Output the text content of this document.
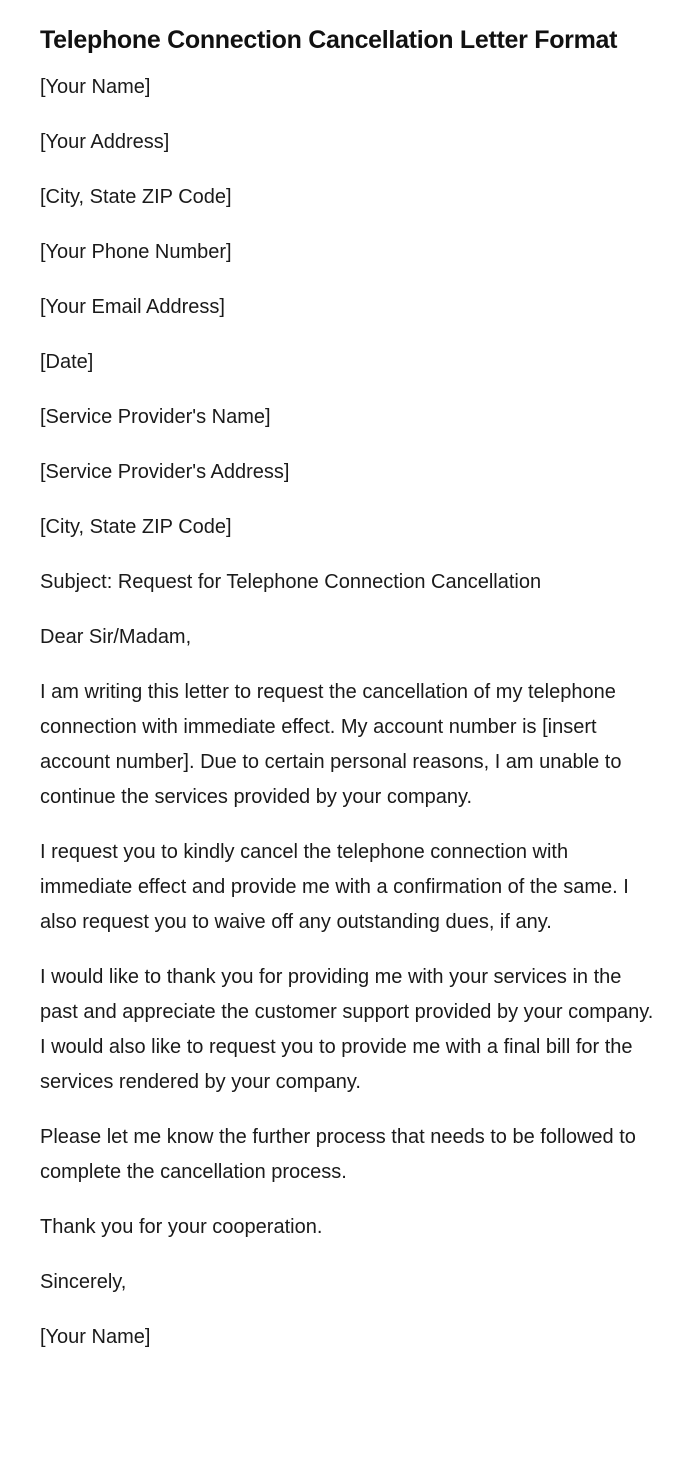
Telephone Connection Cancellation Letter Format

[Your Name]

[Your Address]

[City, State ZIP Code]

[Your Phone Number]

[Your Email Address]

[Date]

[Service Provider's Name]

[Service Provider's Address]

[City, State ZIP Code]

Subject: Request for Telephone Connection Cancellation

Dear Sir/Madam,

I am writing this letter to request the cancellation of my telephone connection with immediate effect. My account number is [insert account number]. Due to certain personal reasons, I am unable to continue the services provided by your company.

I request you to kindly cancel the telephone connection with immediate effect and provide me with a confirmation of the same. I also request you to waive off any outstanding dues, if any.

I would like to thank you for providing me with your services in the past and appreciate the customer support provided by your company. I would also like to request you to provide me with a final bill for the services rendered by your company.

Please let me know the further process that needs to be followed to complete the cancellation process.

Thank you for your cooperation.

Sincerely,

[Your Name]
